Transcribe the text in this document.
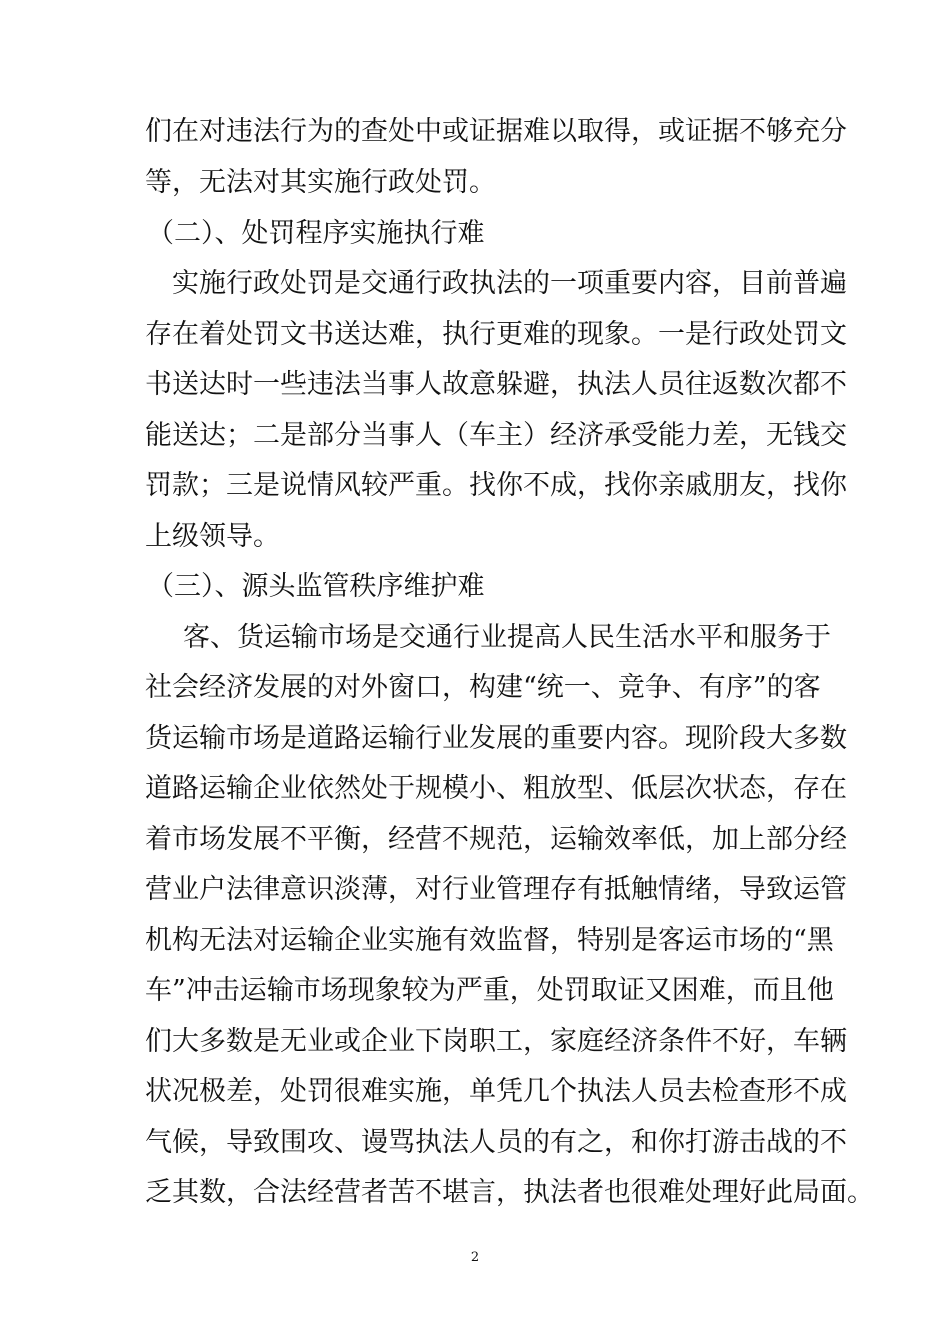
们在对违法行为的查处中或证据难以取得，或证据不够充分

等，无法对其实施行政处罚。

（二）、处罚程序实施执行难

实施行政处罚是交通行政执法的一项重要内容，目前普遍

存在着处罚文书送达难，执行更难的现象。一是行政处罚文

书送达时一些违法当事人故意躲避，执法人员往返数次都不

能送达；二是部分当事人（车主）经济承受能力差，无钱交

罚款；三是说情风较严重。找你不成，找你亲戚朋友，找你

上级领导。

（三）、源头监管秩序维护难

客、货运输市场是交通行业提高人民生活水平和服务于

社会经济发展的对外窗口，构建“统一、竞争、有序”的客

货运输市场是道路运输行业发展的重要内容。现阶段大多数

道路运输企业依然处于规模小、粗放型、低层次状态，存在

着市场发展不平衡，经营不规范，运输效率低，加上部分经

营业户法律意识淡薄，对行业管理存有抵触情绪，导致运管

机构无法对运输企业实施有效监督，特别是客运市场的“黑

车”冲击运输市场现象较为严重，处罚取证又困难，而且他

们大多数是无业或企业下岗职工，家庭经济条件不好，车辆

状况极差，处罚很难实施，单凭几个执法人员去检查形不成

气候，导致围攻、谩骂执法人员的有之，和你打游击战的不

乏其数，合法经营者苦不堪言，执法者也很难处理好此局面。

2
